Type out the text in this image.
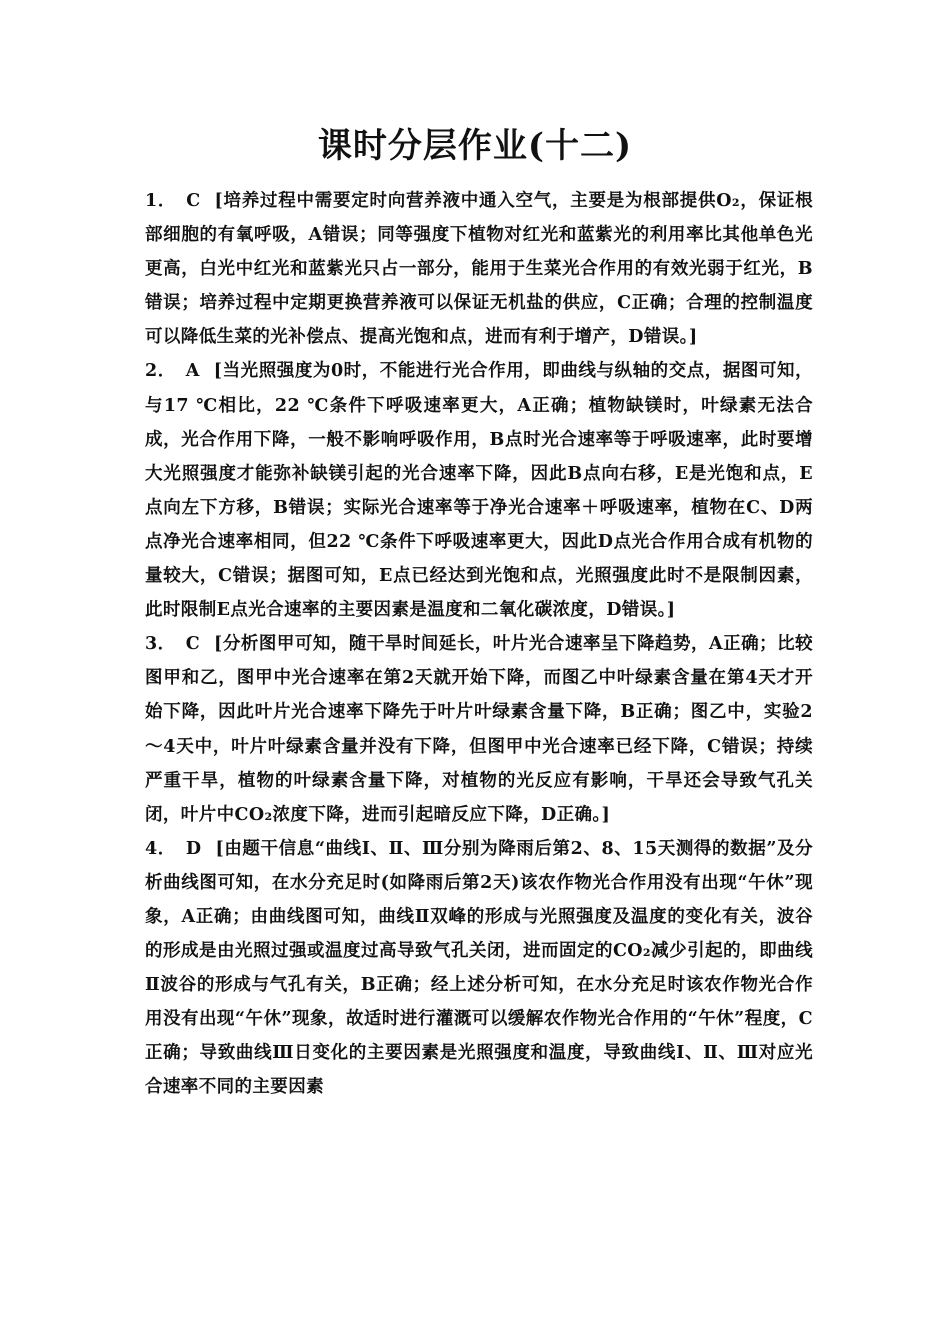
课时分层作业(十二)

1． C [培养过程中需要定时向营养液中通入空气，主要是为根部提供O₂，保证根部细胞的有氧呼吸，A错误；同等强度下植物对红光和蓝紫光的利用率比其他单色光更高，白光中红光和蓝紫光只占一部分，能用于生菜光合作用的有效光弱于红光，B错误；培养过程中定期更换营养液可以保证无机盐的供应，C正确；合理的控制温度可以降低生菜的光补偿点、提高光饱和点，进而有利于增产，D错误。]

2． A [当光照强度为0时，不能进行光合作用，即曲线与纵轴的交点，据图可知，与17 ℃相比，22 ℃条件下呼吸速率更大，A正确；植物缺镁时，叶绿素无法合成，光合作用下降，一般不影响呼吸作用，B点时光合速率等于呼吸速率，此时要增大光照强度才能弥补缺镁引起的光合速率下降，因此B点向右移，E是光饱和点，E点向左下方移，B错误；实际光合速率等于净光合速率＋呼吸速率，植物在C、D两点净光合速率相同，但22 ℃条件下呼吸速率更大，因此D点光合作用合成有机物的量较大，C错误；据图可知，E点已经达到光饱和点，光照强度此时不是限制因素，此时限制E点光合速率的主要因素是温度和二氧化碳浓度，D错误。]

3． C [分析图甲可知，随干旱时间延长，叶片光合速率呈下降趋势，A正确；比较图甲和乙，图甲中光合速率在第2天就开始下降，而图乙中叶绿素含量在第4天才开始下降，因此叶片光合速率下降先于叶片叶绿素含量下降，B正确；图乙中，实验2～4天中，叶片叶绿素含量并没有下降，但图甲中光合速率已经下降，C错误；持续严重干旱，植物的叶绿素含量下降，对植物的光反应有影响，干旱还会导致气孔关闭，叶片中CO₂浓度下降，进而引起暗反应下降，D正确。]

4． D [由题干信息“曲线Ⅰ、Ⅱ、Ⅲ分别为降雨后第2、8、15天测得的数据”及分析曲线图可知，在水分充足时(如降雨后第2天)该农作物光合作用没有出现“午休”现象，A正确；由曲线图可知，曲线Ⅱ双峰的形成与光照强度及温度的变化有关，波谷的形成是由光照过强或温度过高导致气孔关闭，进而固定的CO₂减少引起的，即曲线Ⅱ波谷的形成与气孔有关，B正确；经上述分析可知，在水分充足时该农作物光合作用没有出现“午休”现象，故适时进行灌溉可以缓解农作物光合作用的“午休”程度，C正确；导致曲线Ⅲ日变化的主要因素是光照强度和温度，导致曲线Ⅰ、Ⅱ、Ⅲ对应光合速率不同的主要因素
